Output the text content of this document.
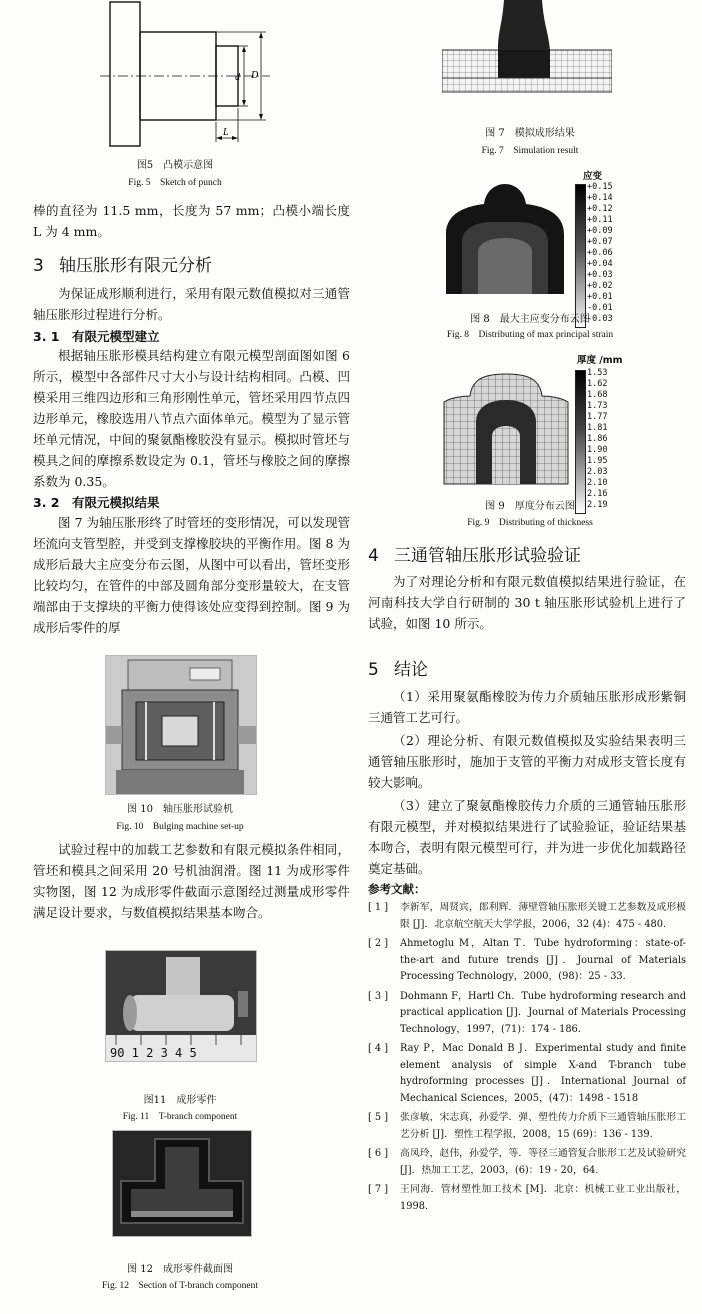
d D
L
图5　凸模示意图
Fig. 5　Sketch of punch
棒的直径为 11.5 mm，长度为 57 mm；凸模小端长度 L 为 4 mm。
3 轴压胀形有限元分析
为保证成形顺利进行，采用有限元数值模拟对三通管轴压胀形过程进行分析。
3. 1　 有限元模型建立
根据轴压胀形模具结构建立有限元模型剖面图如图 6 所示，模型中各部件尺寸大小与设计结构相同。凸模、凹模采用三维四边形和三角形刚性单元，管坯采用四节点四边形单元，橡胶选用八节点六面体单元。模型为了显示管坯单元情况，中间的聚氨酯橡胶没有显示。模拟时管坯与模具之间的摩擦系数设定为 0.1，管坯与橡胶之间的摩擦系数为 0.35。
3. 2　 有限元模拟结果
图 7 为轴压胀形终了时管坯的变形情况，可以发现管坯流向支管型腔，并受到支撑橡胶块的平衡作用。图 8 为成形后最大主应变分布云图，从图中可以看出，管坯变形比较均匀，在管件的中部及圆角部分变形量较大，在支管端部由于支撑块的平衡力使得该处应变得到控制。图 9 为成形后零件的厚
图 10　轴压胀形试验机
Fig. 10　Bulging machine set-up
试验过程中的加载工艺参数和有限元模拟条件相同，管坯和模具之间采用 20 号机油润滑。图 11 为成形零件实物图，图 12 为成形零件截面示意图经过测量成形零件满足设计要求，与数值模拟结果基本吻合。
90 1 2 3 4 5
图11　成形零件
Fig. 11　T-branch component
图 12　成形零件截面图
Fig. 12　Section of T-branch component
图 7　模拟成形结果
Fig. 7　Simulation result
应变
+0.15
+0.14
+0.12
+0.11
+0.09
+0.07
+0.06
+0.04
+0.03
+0.02
+0.01
-0.01
-0.03
图 8　最大主应变分布云图
Fig. 8　Distributing of max principal strain
厚度 /mm
1.53
1.62
1.68
1.73
1.77
1.81
1.86
1.90
1.95
2.03
2.10
2.16
2.19
图 9　厚度分布云图
Fig. 9　Distributing of thickness
4 三通管轴压胀形试验验证
为了对理论分析和有限元数值模拟结果进行验证，在河南科技大学自行研制的 30 t 轴压胀形试验机上进行了试验，如图 10 所示。
5 结论
（1）采用聚氨酯橡胶为传力介质轴压胀形成形紫铜三通管工艺可行。
（2）理论分析、有限元数值模拟及实验结果表明三通管轴压胀形时，施加于支管的平衡力对成形支管长度有较大影响。
（3）建立了聚氨酯橡胶传力介质的三通管轴压胀形有限元模型，并对模拟结果进行了试验验证，验证结果基本吻合，表明有限元模型可行，并为进一步优化加载路径奠定基础。
参考文献：
[ 1 ]	李新军，周贤宾，郎利辉．薄壁管轴压胀形关键工艺参数及成形极限 [J]．北京航空航天大学学报，2006，32 (4)：475 - 480.
[ 2 ]	Ahmetoglu M，Altan T．Tube hydroforming：state-of-the-art and future trends [J]．Journal of Materials Processing Technology，2000，(98)：25 - 33.
[ 3 ]	Dohmann F，Hartl Ch．Tube hydroforming research and practical application [J]．Journal of Materials Processing Technology，1997，(71)：174 - 186.
[ 4 ]	Ray P，Mac Donald B J．Experimental study and finite element analysis of simple X-and T-branch tube hydroforming processes [J]．International Journal of Mechanical Sciences，2005，(47)：1498 - 1518
[ 5 ]	张彦敏，宋志真，孙爱学．弹、塑性传力介质下三通管轴压胀形工艺分析 [J]．塑性工程学报，2008，15 (69)：136 - 139.
[ 6 ]	高凤玲，赵伟，孙爱学，等．等径三通管复合胀形工艺及试验研究 [J]．热加工工艺，2003，(6)：19 - 20，64.
[ 7 ]	王同海．管材塑性加工技术 [M]．北京：机械工业工业出版社，1998.
